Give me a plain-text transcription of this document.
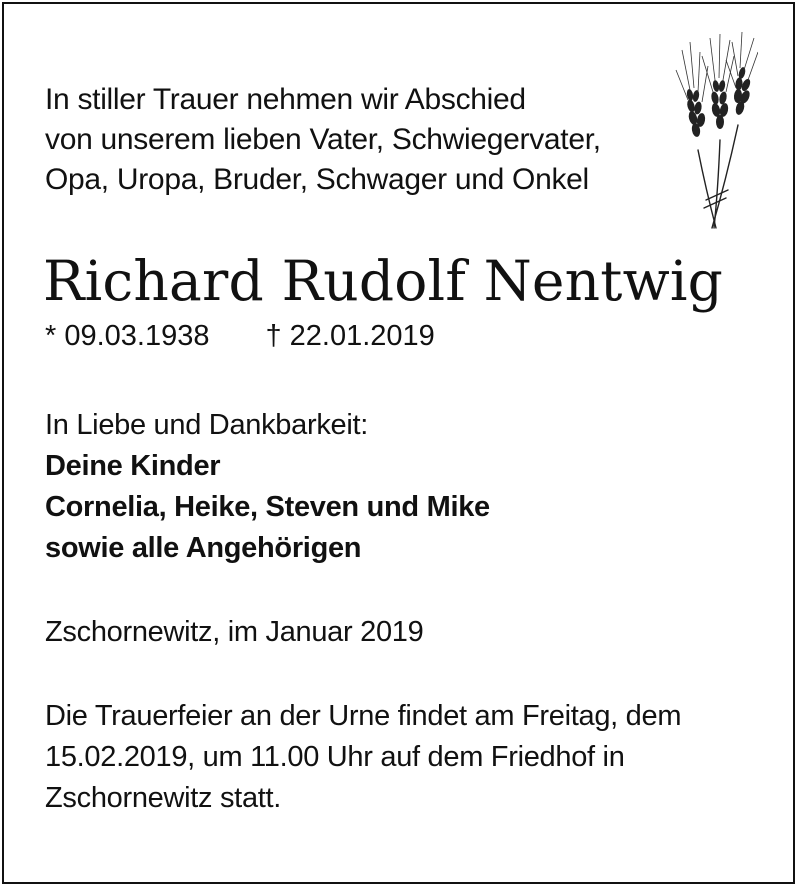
In stiller Trauer nehmen wir Abschied
von unserem lieben Vater, Schwiegervater,
Opa, Uropa, Bruder, Schwager und Onkel
Richard Rudolf Nentwig
* 09.03.1938 † 22.01.2019
In Liebe und Dankbarkeit:
Deine Kinder
Cornelia, Heike, Steven und Mike
sowie alle Angehörigen
Zschornewitz, im Januar 2019
Die Trauerfeier an der Urne findet am Freitag, dem
15.02.2019, um 11.00 Uhr auf dem Friedhof in
Zschornewitz statt.
